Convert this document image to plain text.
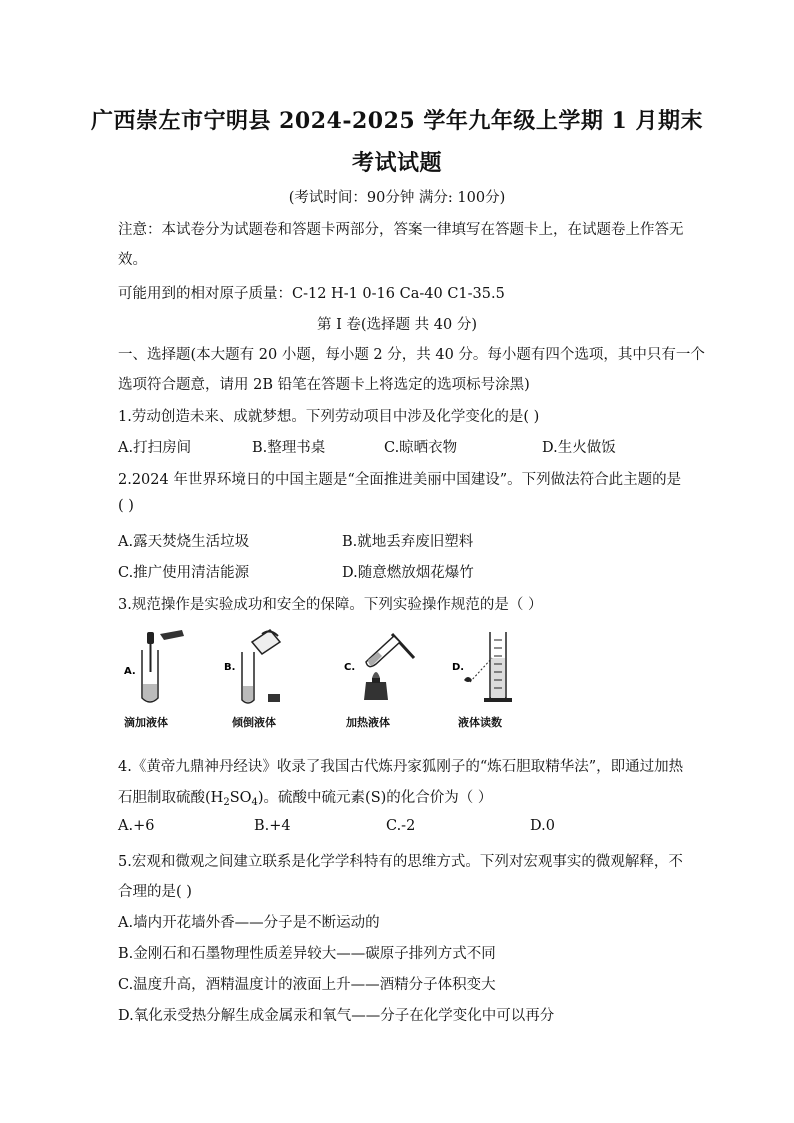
广西崇左市宁明县 2024-2025 学年九年级上学期 1 月期末
考试试题
(考试时间：90分钟 满分: 100分)
注意：本试卷分为试题卷和答题卡两部分，答案一律填写在答题卡上，在试题卷上作答无
效。
可能用到的相对原子质量：C-12 H-1 0-16 Ca-40 C1-35.5
第 I 卷(选择题 共 40 分)
一、选择题(本大题有 20 小题，每小题 2 分，共 40 分。每小题有四个选项，其中只有一个
选项符合题意，请用 2B 铅笔在答题卡上将选定的选项标号涂黑)
1.劳动创造未来、成就梦想。下列劳动项目中涉及化学变化的是( )
A.打扫房间	B.整理书桌	C.晾晒衣物	D.生火做饭
2.2024 年世界环境日的中国主题是“全面推进美丽中国建设”。下列做法符合此主题的是
( )
A.露天焚烧生活垃圾	B.就地丢弃废旧塑料
C.推广使用清洁能源	D.随意燃放烟花爆竹
3.规范操作是实验成功和安全的保障。下列实验操作规范的是（ ）
A.
滴加液体
B.
倾倒液体
C.
加热液体
D.
液体读数
4.《黄帝九鼎神丹经诀》收录了我国古代炼丹家狐刚子的“炼石胆取精华法”，即通过加热
石胆制取硫酸$(H_2SO_4)$。硫酸中硫元素(S)的化合价为（ ）
A.+6	B.+4	C.-2	D.0
5.宏观和微观之间建立联系是化学学科特有的思维方式。下列对宏观事实的微观解释，不
合理的是( )
A.墙内开花墙外香——分子是不断运动的
B.金刚石和石墨物理性质差异较大——碳原子排列方式不同
C.温度升高，酒精温度计的液面上升——酒精分子体积变大
D.氧化汞受热分解生成金属汞和氧气——分子在化学变化中可以再分
